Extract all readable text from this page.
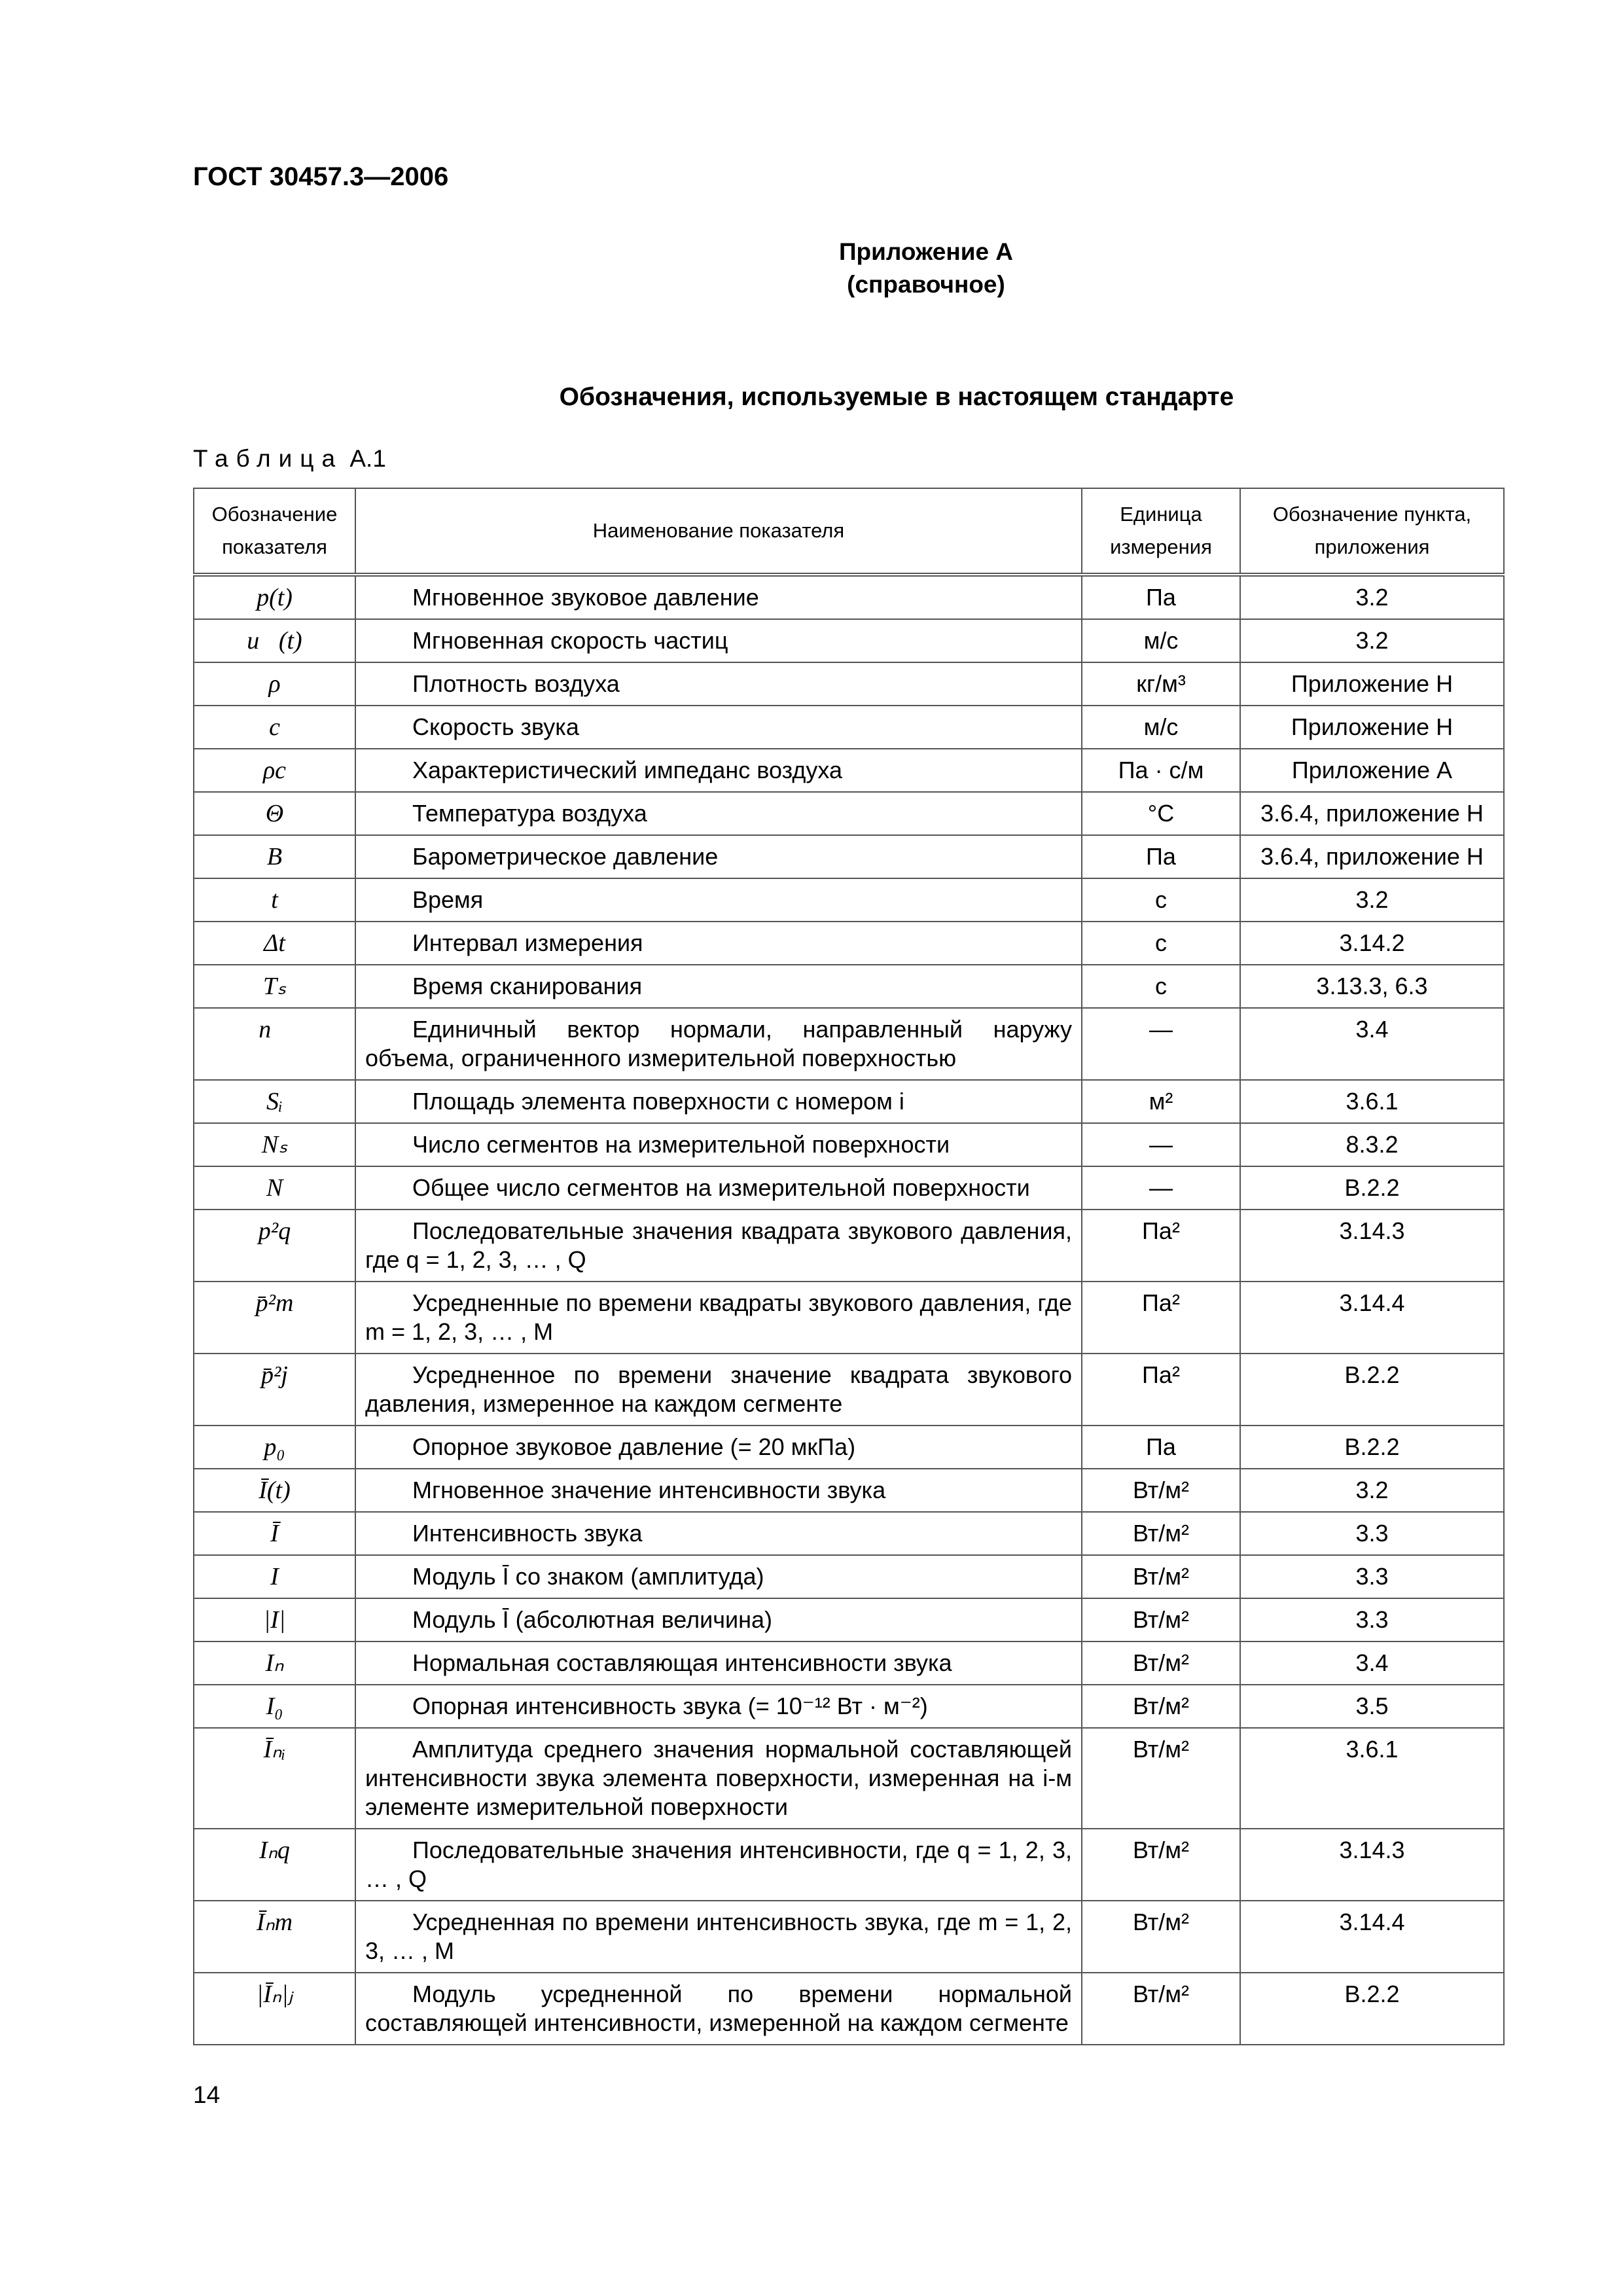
ГОСТ 30457.3—2006
Приложение А
(справочное)
Обозначения, используемые в настоящем стандарте
Таблица А.1
Обозначение показателя	Наименование показателя	Единица измерения	Обозначение пункта, приложения
p(t)	Мгновенное звуковое давление	Па	3.2
u⃗(t)	Мгновенная скорость частиц	м/с	3.2
ρ	Плотность воздуха	кг/м³	Приложение Н
c	Скорость звука	м/с	Приложение Н
ρc	Характеристический импеданс воздуха	Па · с/м	Приложение А
Θ	Температура воздуха	°С	3.6.4, приложение Н
B	Барометрическое давление	Па	3.6.4, приложение Н
t	Время	с	3.2
Δt	Интервал измерения	с	3.14.2
Tₛ	Время сканирования	с	3.13.3, 6.3
n⃗	Единичный вектор нормали, направленный наружу объема, ограниченного измерительной поверхностью	—	3.4
Sᵢ	Площадь элемента поверхности с номером i	м²	3.6.1
Nₛ	Число сегментов на измерительной поверхности	—	8.3.2
N	Общее число сегментов на измерительной поверхности	—	В.2.2
p²q	Последовательные значения квадрата звукового давления, где q = 1, 2, 3, … , Q	Па²	3.14.3
p̄²m	Усредненные по времени квадраты звукового давления, где m = 1, 2, 3, … , M	Па²	3.14.4
p̄²j	Усредненное по времени значение квадрата звукового давления, измеренное на каждом сегменте	Па²	В.2.2
p₀	Опорное звуковое давление (= 20 мкПа)	Па	В.2.2
Ī(t)	Мгновенное значение интенсивности звука	Вт/м²	3.2
Ī	Интенсивность звука	Вт/м²	3.3
I	Модуль Ī со знаком (амплитуда)	Вт/м²	3.3
|I|	Модуль Ī (абсолютная величина)	Вт/м²	3.3
Iₙ	Нормальная составляющая интенсивности звука	Вт/м²	3.4
I₀	Опорная интенсивность звука (= 10⁻¹² Вт · м⁻²)	Вт/м²	3.5
Īₙᵢ	Амплитуда среднего значения нормальной составляющей интенсивности звука элемента поверхности, измеренная на i-м элементе измерительной поверхности	Вт/м²	3.6.1
Iₙq	Последовательные значения интенсивности, где q = 1, 2, 3, … , Q	Вт/м²	3.14.3
Īₙm	Усредненная по времени интенсивность звука, где m = 1, 2, 3, … , M	Вт/м²	3.14.4
|Īₙ|ⱼ	Модуль усредненной по времени нормальной составляющей интенсивности, измеренной на каждом сегменте	Вт/м²	В.2.2
14
